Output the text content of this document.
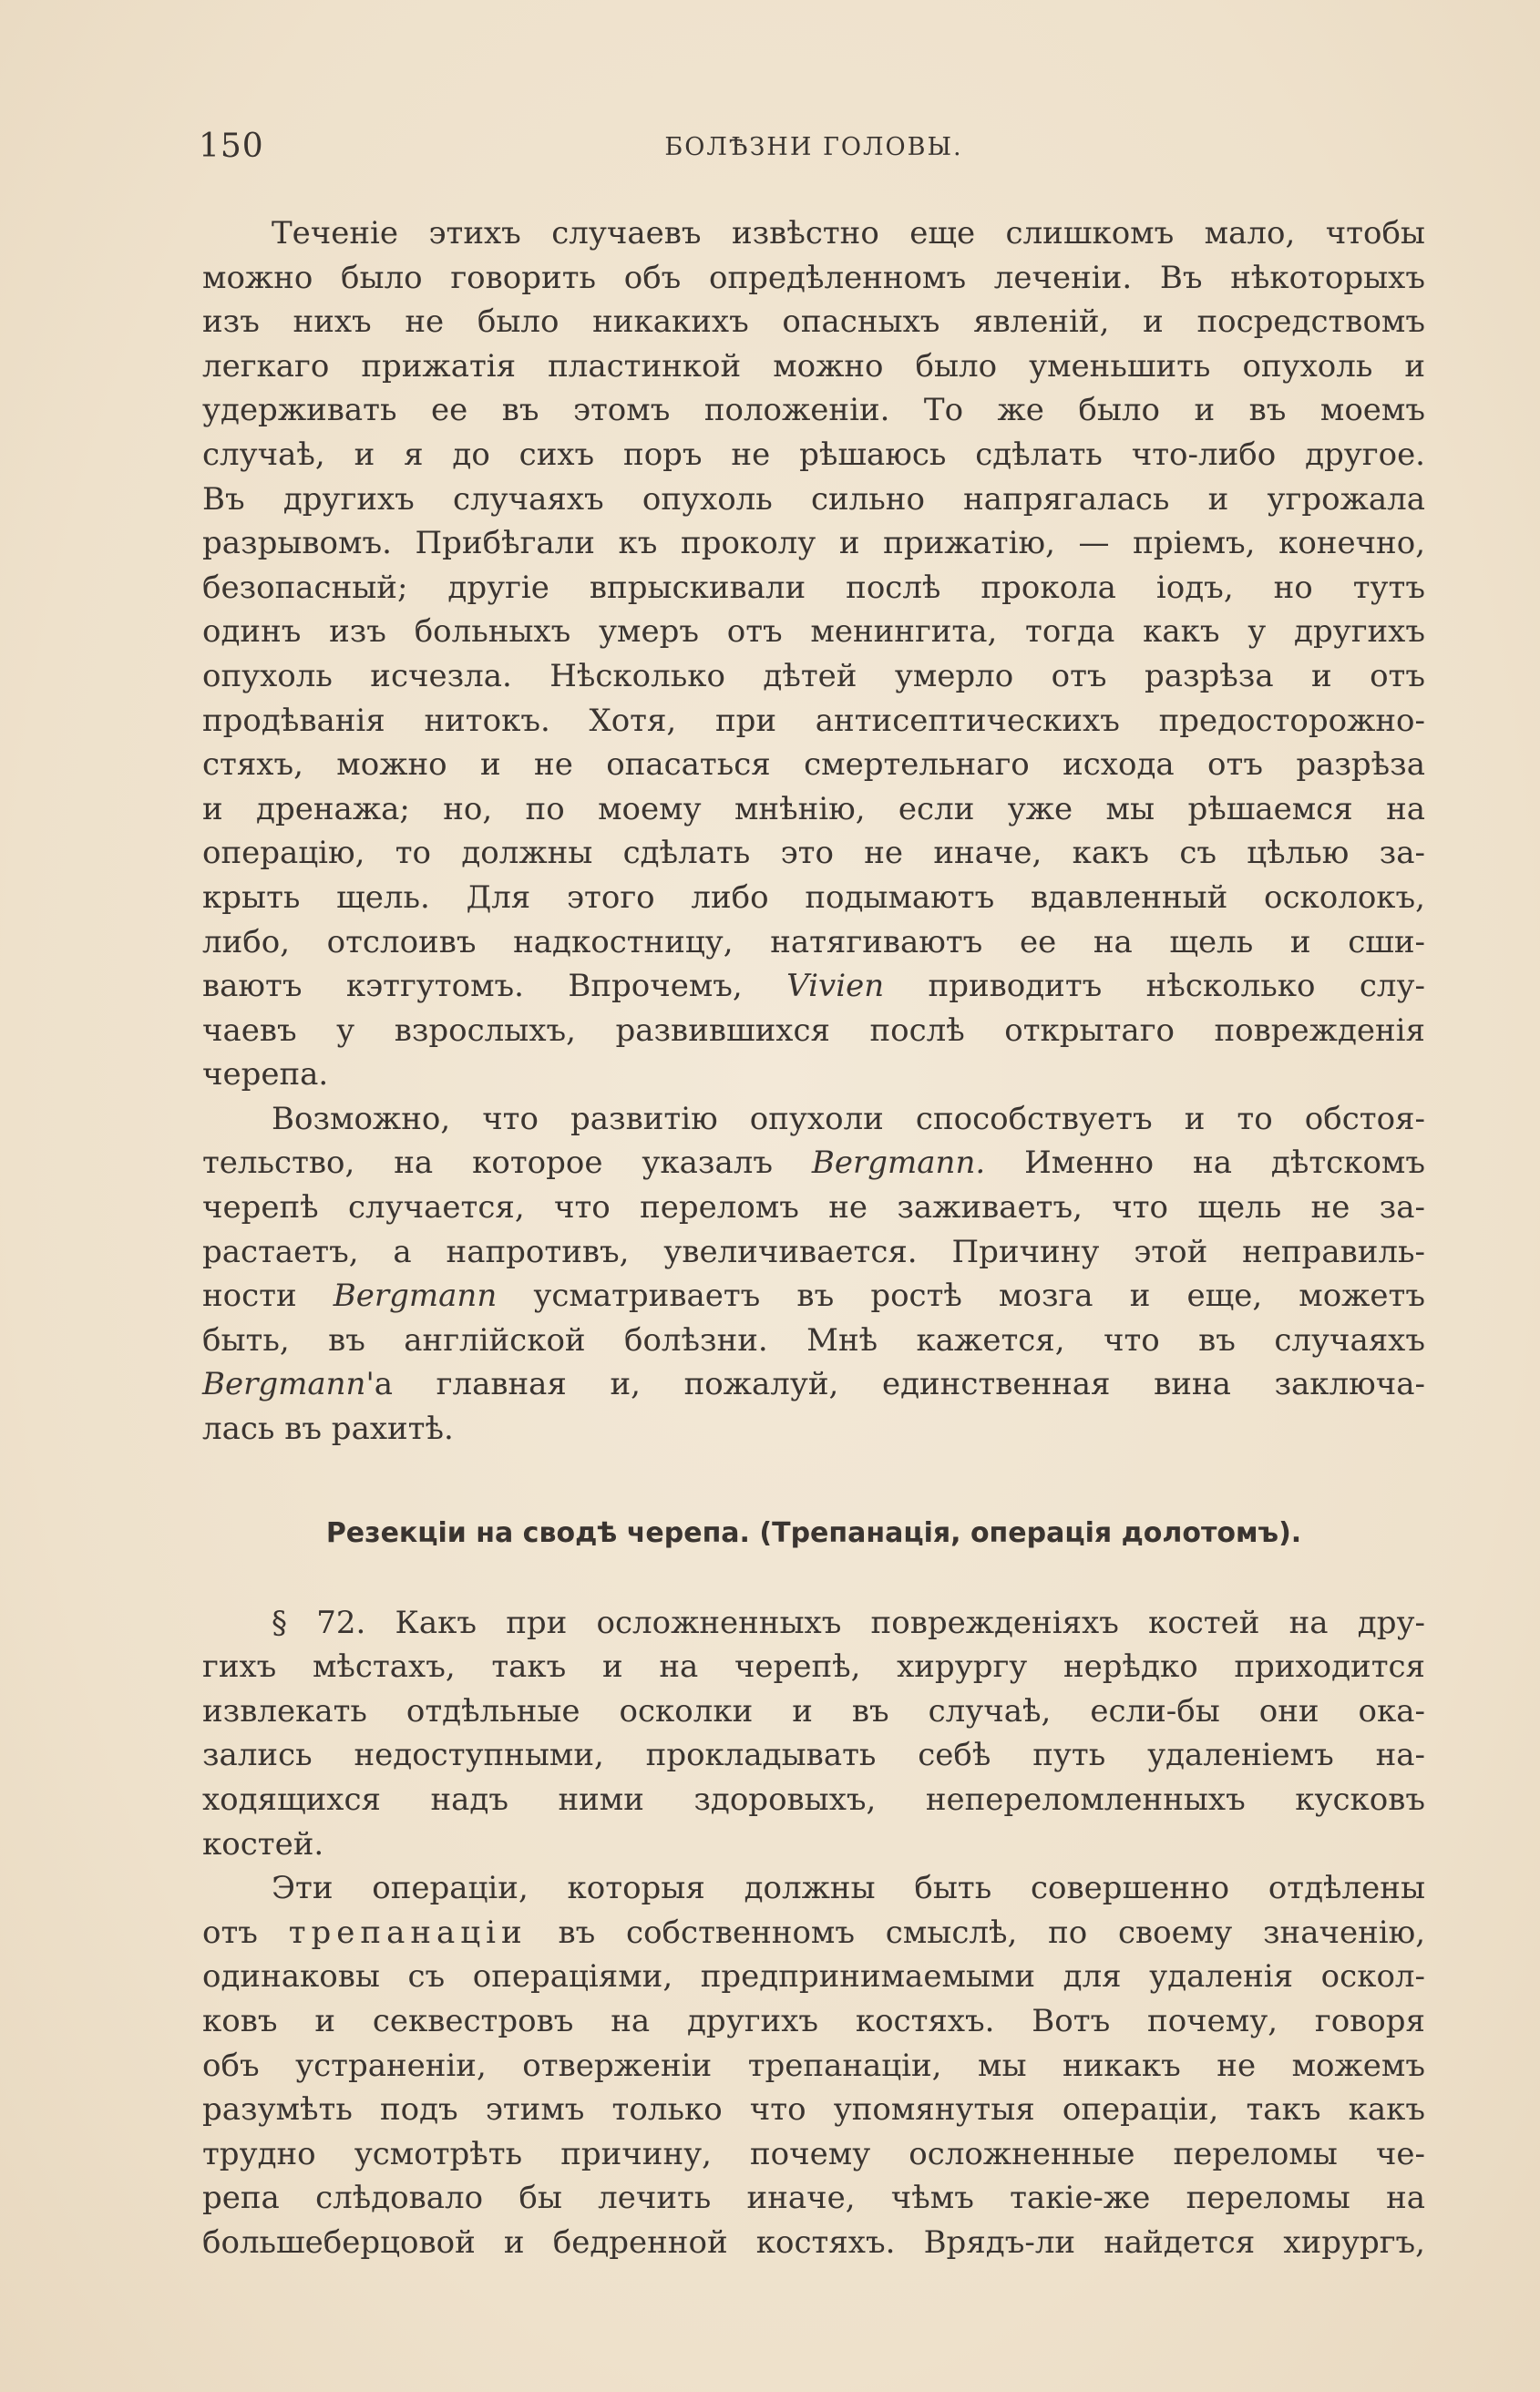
150	БОЛѢЗНИ ГОЛОВЫ.
Теченіе этихъ случаевъ извѣстно еще слишкомъ мало, чтобы
можно было говорить объ опредѣленномъ леченіи. Въ нѣкоторыхъ
изъ нихъ не было никакихъ опасныхъ явленій, и посредствомъ
легкаго прижатія пластинкой можно было уменьшить опухоль и
удерживать ее въ этомъ положеніи. То же было и въ моемъ
случаѣ, и я до сихъ поръ не рѣшаюсь сдѣлать что-либо другое.
Въ другихъ случаяхъ опухоль сильно напрягалась и угрожала
разрывомъ. Прибѣгали къ проколу и прижатію, — пріемъ, конечно,
безопасный; другіе впрыскивали послѣ прокола іодъ, но тутъ
одинъ изъ больныхъ умеръ отъ менингита, тогда какъ у другихъ
опухоль исчезла. Нѣсколько дѣтей умерло отъ разрѣза и отъ
продѣванія нитокъ. Хотя, при антисептическихъ предосторожно-
стяхъ, можно и не опасаться смертельнаго исхода отъ разрѣза
и дренажа; но, по моему мнѣнію, если уже мы рѣшаемся на
операцію, то должны сдѣлать это не иначе, какъ съ цѣлью за-
крыть щель. Для этого либо подымаютъ вдавленный осколокъ,
либо, отслоивъ надкостницу, натягиваютъ ее на щель и сши-
ваютъ кэтгутомъ. Впрочемъ, Vivien приводитъ нѣсколько слу-
чаевъ у взрослыхъ, развившихся послѣ открытаго поврежденія
черепа.
Возможно, что развитію опухоли способствуетъ и то обстоя-
тельство, на которое указалъ Bergmann. Именно на дѣтскомъ
черепѣ случается, что переломъ не заживаетъ, что щель не за-
растаетъ, а напротивъ, увеличивается. Причину этой неправиль-
ности Bergmann усматриваетъ въ ростѣ мозга и еще, можетъ
быть, въ англійской болѣзни. Мнѣ кажется, что въ случаяхъ
Bergmann'а главная и, пожалуй, единственная вина заключа-
лась въ рахитѣ.
Резекціи на сводѣ черепа. (Трепанація, операція долотомъ).
§ 72. Какъ при осложненныхъ поврежденіяхъ костей на дру-
гихъ мѣстахъ, такъ и на черепѣ, хирургу нерѣдко приходится
извлекать отдѣльные осколки и въ случаѣ, если-бы они ока-
зались недоступными, прокладывать себѣ путь удаленіемъ на-
ходящихся надъ ними здоровыхъ, непереломленныхъ кусковъ
костей.
Эти операціи, которыя должны быть совершенно отдѣлены
отъ трепанаціи въ собственномъ смыслѣ, по своему значенію,
одинаковы съ операціями, предпринимаемыми для удаленія оскол-
ковъ и секвестровъ на другихъ костяхъ. Вотъ почему, говоря
объ устраненіи, отверженіи трепанаціи, мы никакъ не можемъ
разумѣть подъ этимъ только что упомянутыя операціи, такъ какъ
трудно усмотрѣть причину, почему осложненные переломы че-
репа слѣдовало бы лечить иначе, чѣмъ такіе-же переломы на
большеберцовой и бедренной костяхъ. Врядъ-ли найдется хирургъ,
